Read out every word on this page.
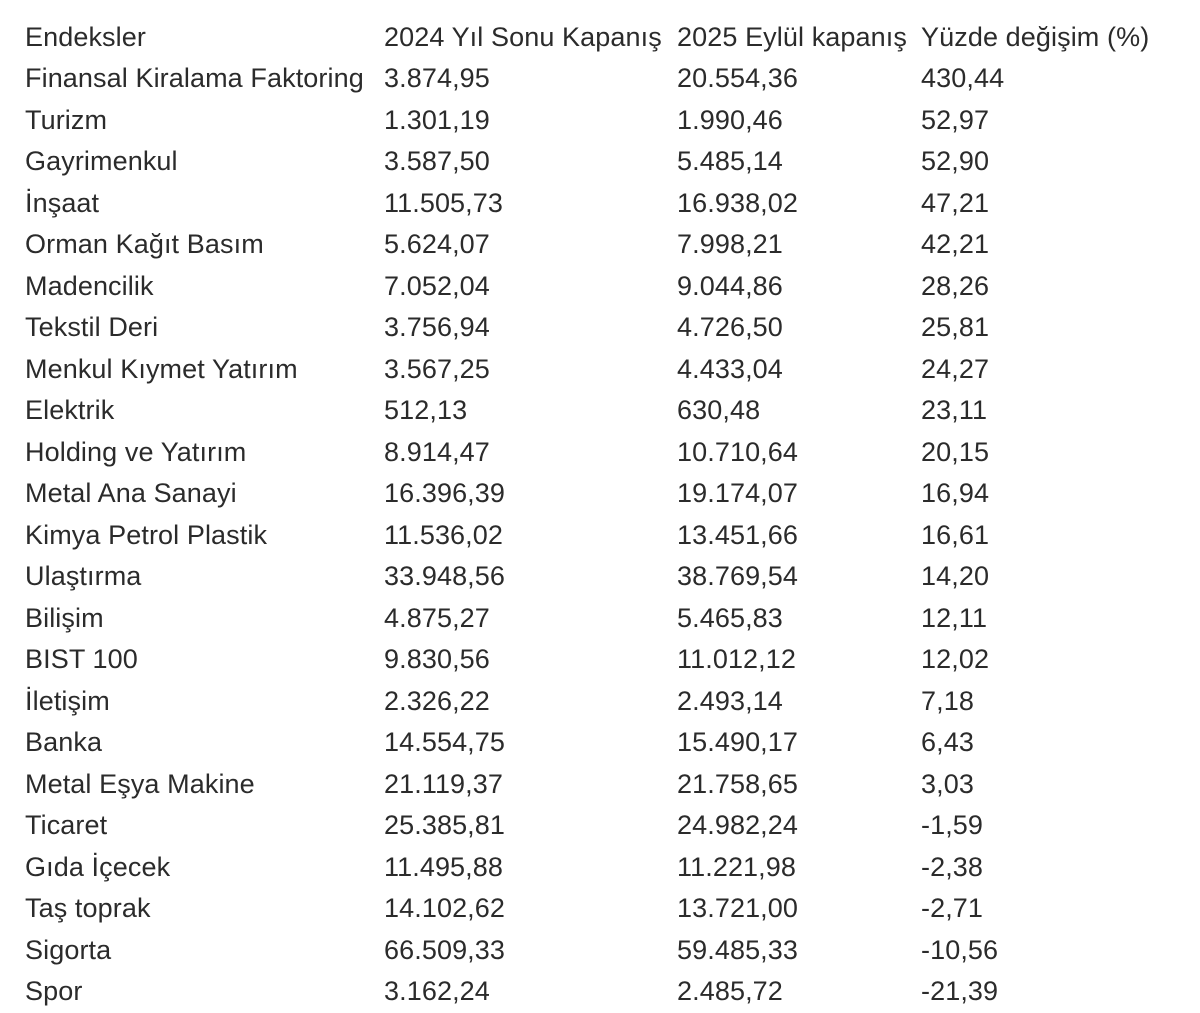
Endeksler	2024 Yıl Sonu Kapanış	2025 Eylül kapanış	Yüzde değişim (%)
Finansal Kiralama Faktoring	3.874,95	20.554,36	430,44
Turizm	1.301,19	1.990,46	52,97
Gayrimenkul	3.587,50	5.485,14	52,90
İnşaat	11.505,73	16.938,02	47,21
Orman Kağıt Basım	5.624,07	7.998,21	42,21
Madencilik	7.052,04	9.044,86	28,26
Tekstil Deri	3.756,94	4.726,50	25,81
Menkul Kıymet Yatırım	3.567,25	4.433,04	24,27
Elektrik	512,13	630,48	23,11
Holding ve Yatırım	8.914,47	10.710,64	20,15
Metal Ana Sanayi	16.396,39	19.174,07	16,94
Kimya Petrol Plastik	11.536,02	13.451,66	16,61
Ulaştırma	33.948,56	38.769,54	14,20
Bilişim	4.875,27	5.465,83	12,11
BIST 100	9.830,56	11.012,12	12,02
İletişim	2.326,22	2.493,14	7,18
Banka	14.554,75	15.490,17	6,43
Metal Eşya Makine	21.119,37	21.758,65	3,03
Ticaret	25.385,81	24.982,24	-1,59
Gıda İçecek	11.495,88	11.221,98	-2,38
Taş toprak	14.102,62	13.721,00	-2,71
Sigorta	66.509,33	59.485,33	-10,56
Spor	3.162,24	2.485,72	-21,39
